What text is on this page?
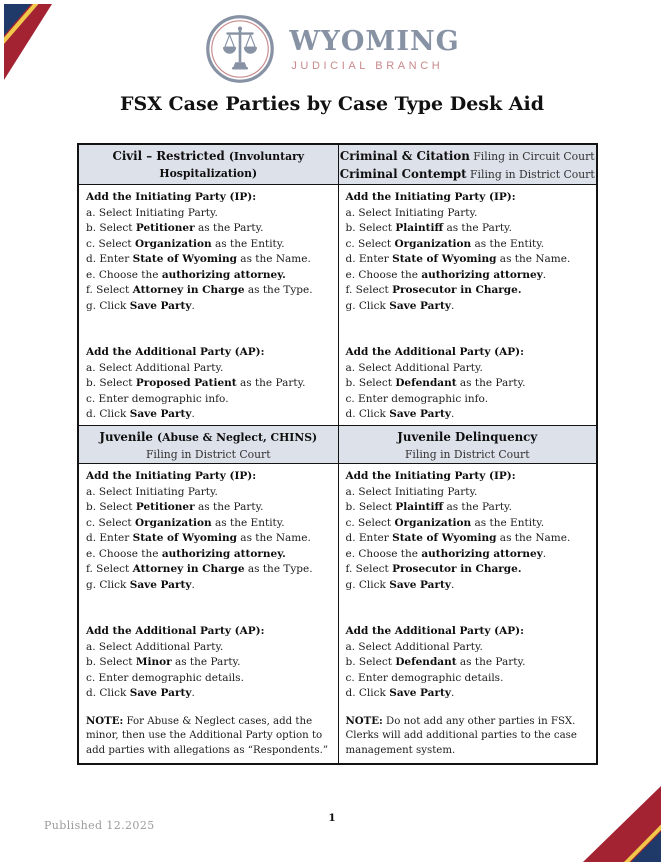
WYOMING
JUDICIAL BRANCH
FSX Case Parties by Case Type Desk Aid
Civil – Restricted (Involuntary Hospitalization)
Criminal & Citation Filing in Circuit Court
Criminal Contempt Filing in District Court
Add the Initiating Party (IP):
a. Select Initiating Party.
b. Select Petitioner as the Party.
c. Select Organization as the Entity.
d. Enter State of Wyoming as the Name.
e. Choose the authorizing attorney.
f. Select Attorney in Charge as the Type.
g. Click Save Party.

Add the Additional Party (AP):
a. Select Additional Party.
b. Select Proposed Patient as the Party.
c. Enter demographic info.
d. Click Save Party.
Add the Initiating Party (IP):
a. Select Initiating Party.
b. Select Plaintiff as the Party.
c. Select Organization as the Entity.
d. Enter State of Wyoming as the Name.
e. Choose the authorizing attorney.
f. Select Prosecutor in Charge.
g. Click Save Party.

Add the Additional Party (AP):
a. Select Additional Party.
b. Select Defendant as the Party.
c. Enter demographic info.
d. Click Save Party.
Juvenile (Abuse & Neglect, CHINS)
Filing in District Court
Juvenile Delinquency
Filing in District Court
Add the Initiating Party (IP):
a. Select Initiating Party.
b. Select Petitioner as the Party.
c. Select Organization as the Entity.
d. Enter State of Wyoming as the Name.
e. Choose the authorizing attorney.
f. Select Attorney in Charge as the Type.
g. Click Save Party.

Add the Additional Party (AP):
a. Select Additional Party.
b. Select Minor as the Party.
c. Enter demographic details.
d. Click Save Party.
NOTE: For Abuse & Neglect cases, add the minor, then use the Additional Party option to add parties with allegations as “Respondents.”
Add the Initiating Party (IP):
a. Select Initiating Party.
b. Select Plaintiff as the Party.
c. Select Organization as the Entity.
d. Enter State of Wyoming as the Name.
e. Choose the authorizing attorney.
f. Select Prosecutor in Charge.
g. Click Save Party.

Add the Additional Party (AP):
a. Select Additional Party.
b. Select Defendant as the Party.
c. Enter demographic details.
d. Click Save Party.
NOTE: Do not add any other parties in FSX. Clerks will add additional parties to the case management system.
Published 12.2025
1
